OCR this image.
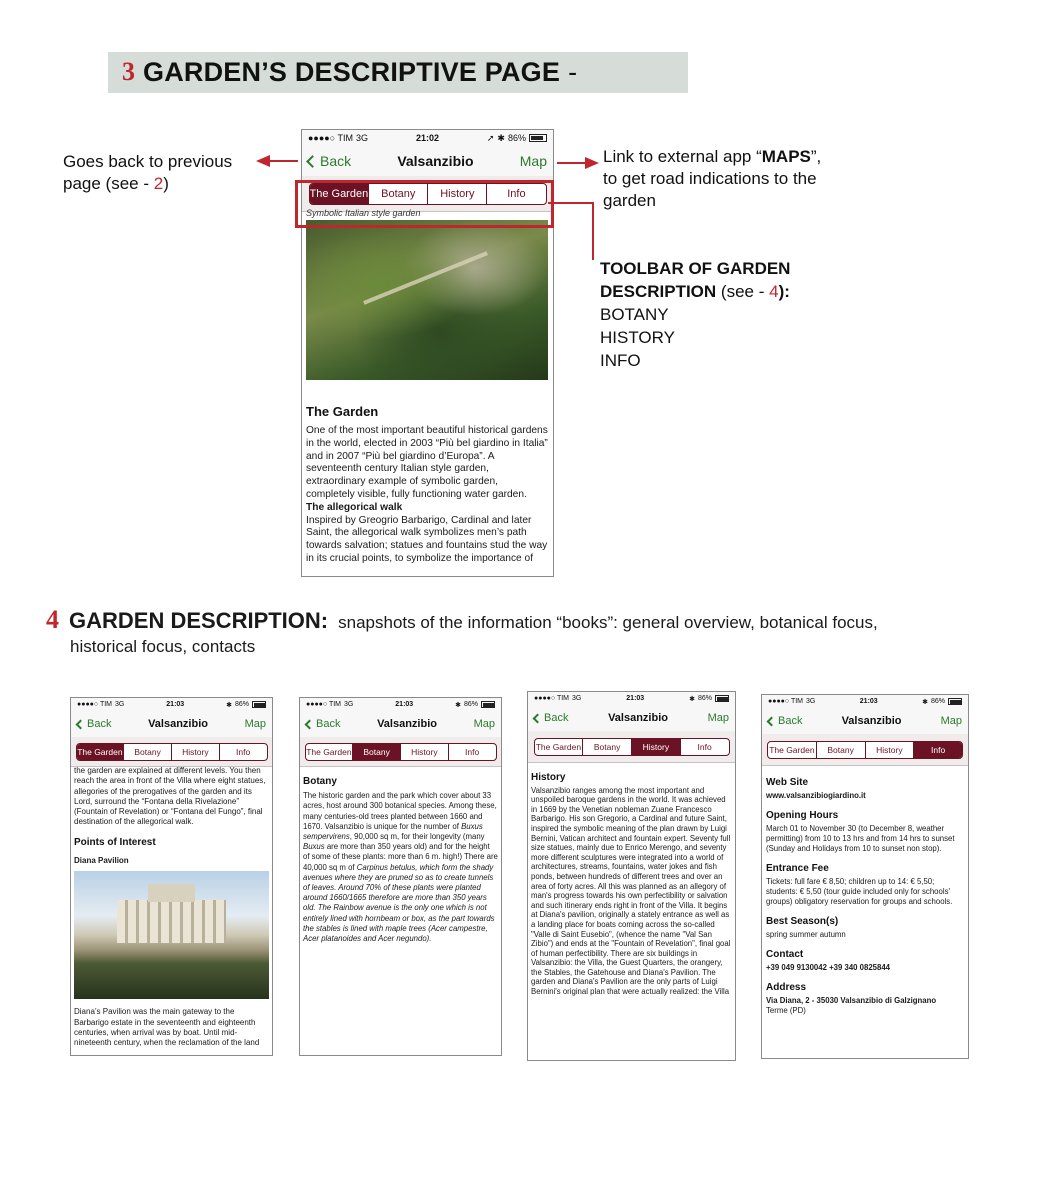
3 GARDEN’S DESCRIPTIVE PAGE -
●●●●○ TIM 3G	21:02	➚ ✱ 86%
Back	Valsanzibio	Map
The Garden	Botany	History	Info
Symbolic Italian style garden
The Garden

One of the most important beautiful historical gardens in the world, elected in 2003 “Più bel giardino in Italia” and in 2007 “Più bel giardino d’Europa”. A seventeenth century Italian style garden, extraordinary example of symbolic garden, completely visible, fully functioning water garden.

The allegorical walk

Inspired by Greogrio Barbarigo, Cardinal and later Saint, the allegorical walk symbolizes men’s path towards salvation; statues and fountains stud the way in its crucial points, to symbolize the importance of

Goes back to previous
page (see - 2)
Link to external app “MAPS”,
to get road indications to the
garden
TOOLBAR OF GARDEN
DESCRIPTION (see - 4):
BOTANY
HISTORY
INFO
4 GARDEN DESCRIPTION: snapshots of the information “books”: general overview, botanical focus,
historical focus, contacts
●●●●○ TIM 3G	21:03	✱ 86%
Back	Valsanzibio	Map
The Garden	Botany	History	Info

the garden are explained at different levels. You then reach the area in front of the Villa where eight statues, allegories of the prerogatives of the garden and its Lord, surround the “Fontana della Rivelazione” (Fountain of Revelation) or “Fontana del Fungo”, final destination of the allegorical walk.

Points of Interest

Diana Pavilion

Diana’s Pavilion was the main gateway to the Barbarigo estate in the seventeenth and eighteenth centuries, when arrival was by boat. Until mid-nineteenth century, when the reclamation of the land

●●●●○ TIM 3G	21:03	✱ 86%
Back	Valsanzibio	Map
The Garden	Botany	History	Info
Botany

The historic garden and the park which cover about 33 acres, host around 300 botanical species. Among these, many centuries-old trees planted between 1660 and 1670. Valsanzibio is unique for the number of Buxus sempervirens, 90,000 sq m, for their longevity (many Buxus are more than 350 years old) and for the height of some of these plants: more than 6 m. high!) There are 40,000 sq m of Carpinus betulus, which form the shady avenues where they are pruned so as to create tunnels of leaves. Around 70% of these plants were planted around 1660/1665 therefore are more than 350 years old. The Rainbow avenue is the only one which is not entirely lined with hornbeam or box, as the part towards the stables is lined with maple trees (Acer campestre, Acer platanoides and Acer negundo).

●●●●○ TIM 3G	21:03	✱ 86%
Back	Valsanzibio	Map
The Garden	Botany	History	Info
History

Valsanzibio ranges among the most important and unspoiled baroque gardens in the world. It was achieved in 1669 by the Venetian nobleman Zuane Francesco Barbarigo. His son Gregorio, a Cardinal and future Saint, inspired the symbolic meaning of the plan drawn by Luigi Bernini, Vatican architect and fountain expert. Seventy full size statues, mainly due to Enrico Merengo, and seventy more different sculptures were integrated into a world of architectures, streams, fountains, water jokes and fish ponds, between hundreds of different trees and over an area of forty acres. All this was planned as an allegory of man's progress towards his own perfectibility or salvation and such itinerary ends right in front of the Villa. It begins at Diana's pavilion, originally a stately entrance as well as a landing place for boats coming across the so-called "Valle di Saint Eusebio", (whence the name "Val San Zibio") and ends at the "Fountain of Revelation", final goal of human perfectibility. There are six buildings in Valsanzibio: the Villa, the Guest Quarters, the orangery, the Stables, the Gatehouse and Diana's Pavilion. The garden and Diana's Pavilion are the only parts of Luigi Bernini's original plan that were actually realized: the Villa

●●●●○ TIM 3G	21:03	✱ 86%
Back	Valsanzibio	Map
The Garden	Botany	History	Info
Web Site

www.valsanzibiogiardino.it

Opening Hours

March 01 to November 30 (to December 8, weather permitting) from 10 to 13 hrs and from 14 hrs to sunset (Sunday and Holidays from 10 to sunset non stop).

Entrance Fee

Tickets: full fare € 8,50; children up to 14: € 5,50; students: € 5,50 (tour guide included only for schools' groups) obligatory reservation for groups and schools.

Best Season(s)

spring summer autumn

Contact

+39 049 9130042 +39 340 0825844

Address

Via Diana, 2 - 35030 Valsanzibio di Galzignano

Terme (PD)
